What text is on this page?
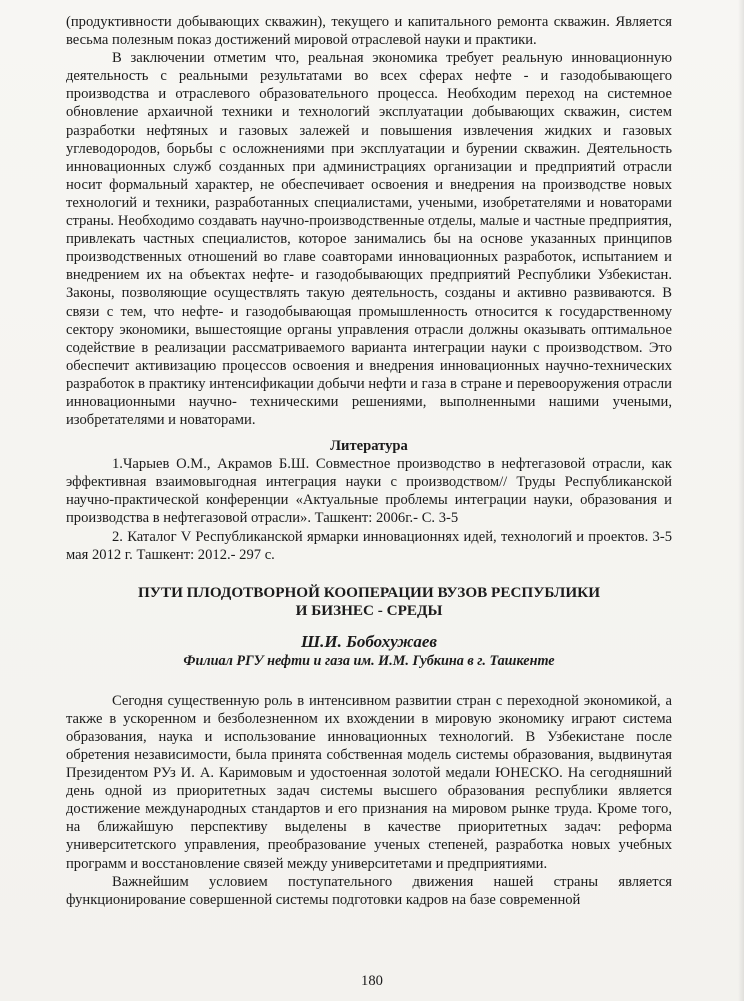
(продуктивности добывающих скважин), текущего и капитального ремонта скважин. Является весьма полезным показ достижений мировой отраслевой науки и практики.

В заключении отметим что, реальная экономика требует реальную инновационную деятельность с реальными результатами во всех сферах нефте - и газодобывающего производства и отраслевого образовательного процесса. Необходим переход на системное обновление архаичной техники и технологий эксплуатации добывающих скважин, систем разработки нефтяных и газовых залежей и повышения извлечения жидких и газовых углеводородов, борьбы с осложнениями при эксплуатации и бурении скважин. Деятельность инновационных служб созданных при администрациях организации и предприятий отрасли носит формальный характер, не обеспечивает освоения и внедрения на производстве новых технологий и техники, разработанных специалистами, учеными, изобретателями и новаторами страны. Необходимо создавать научно-производственные отделы, малые и частные предприятия, привлекать частных специалистов, которое занимались бы на основе указанных принципов производственных отношений во главе соавторами инновационных разработок, испытанием и внедрением их на объектах нефте- и газодобывающих предприятий Республики Узбекистан. Законы, позволяющие осуществлять такую деятельность, созданы и активно развиваются. В связи с тем, что нефте- и газодобывающая промышленность относится к государственному сектору экономики, вышестоящие органы управления отрасли должны оказывать оптимальное содействие в реализации рассматриваемого варианта интеграции науки с производством. Это обеспечит активизацию процессов освоения и внедрения инновационных научно-технических разработок в практику интенсификации добычи нефти и газа в стране и перевооружения отрасли инновационными научно- техническими решениями, выполненными нашими учеными, изобретателями и новаторами.

Литература

1.Чарыев О.М., Акрамов Б.Ш. Совместное производство в нефтегазовой отрасли, как эффективная взаимовыгодная интеграция науки с производством// Труды Республиканской научно-практической конференции «Актуальные проблемы интеграции науки, образования и производства в нефтегазовой отрасли». Ташкент: 2006г.- С. 3-5

2. Каталог V Республиканской ярмарки инновационнях идей, технологий и проектов. 3-5 мая 2012 г. Ташкент: 2012.- 297 с.

ПУТИ ПЛОДОТВОРНОЙ КООПЕРАЦИИ ВУЗОВ РЕСПУБЛИКИ
И БИЗНЕС - СРЕДЫ
Ш.И. Бобохужаев
Филиал РГУ нефти и газа им. И.М. Губкина в г. Ташкенте

Сегодня существенную роль в интенсивном развитии стран с переходной экономикой, а также в ускоренном и безболезненном их вхождении в мировую экономику играют система образования, наука и использование инновационных технологий. В Узбекистане после обретения независимости, была принята собственная модель системы образования, выдвинутая Президентом РУз И. А. Каримовым и удостоенная золотой медали ЮНЕСКО. На сегодняшний день одной из приоритетных задач системы высшего образования республики является достижение международных стандартов и его признания на мировом рынке труда. Кроме того, на ближайшую перспективу выделены в качестве приоритетных задач: реформа университетского управления, преобразование ученых степеней, разработка новых учебных программ и восстановление связей между университетами и предприятиями.

Важнейшим условием поступательного движения нашей страны является функционирование совершенной системы подготовки кадров на базе современной

180
